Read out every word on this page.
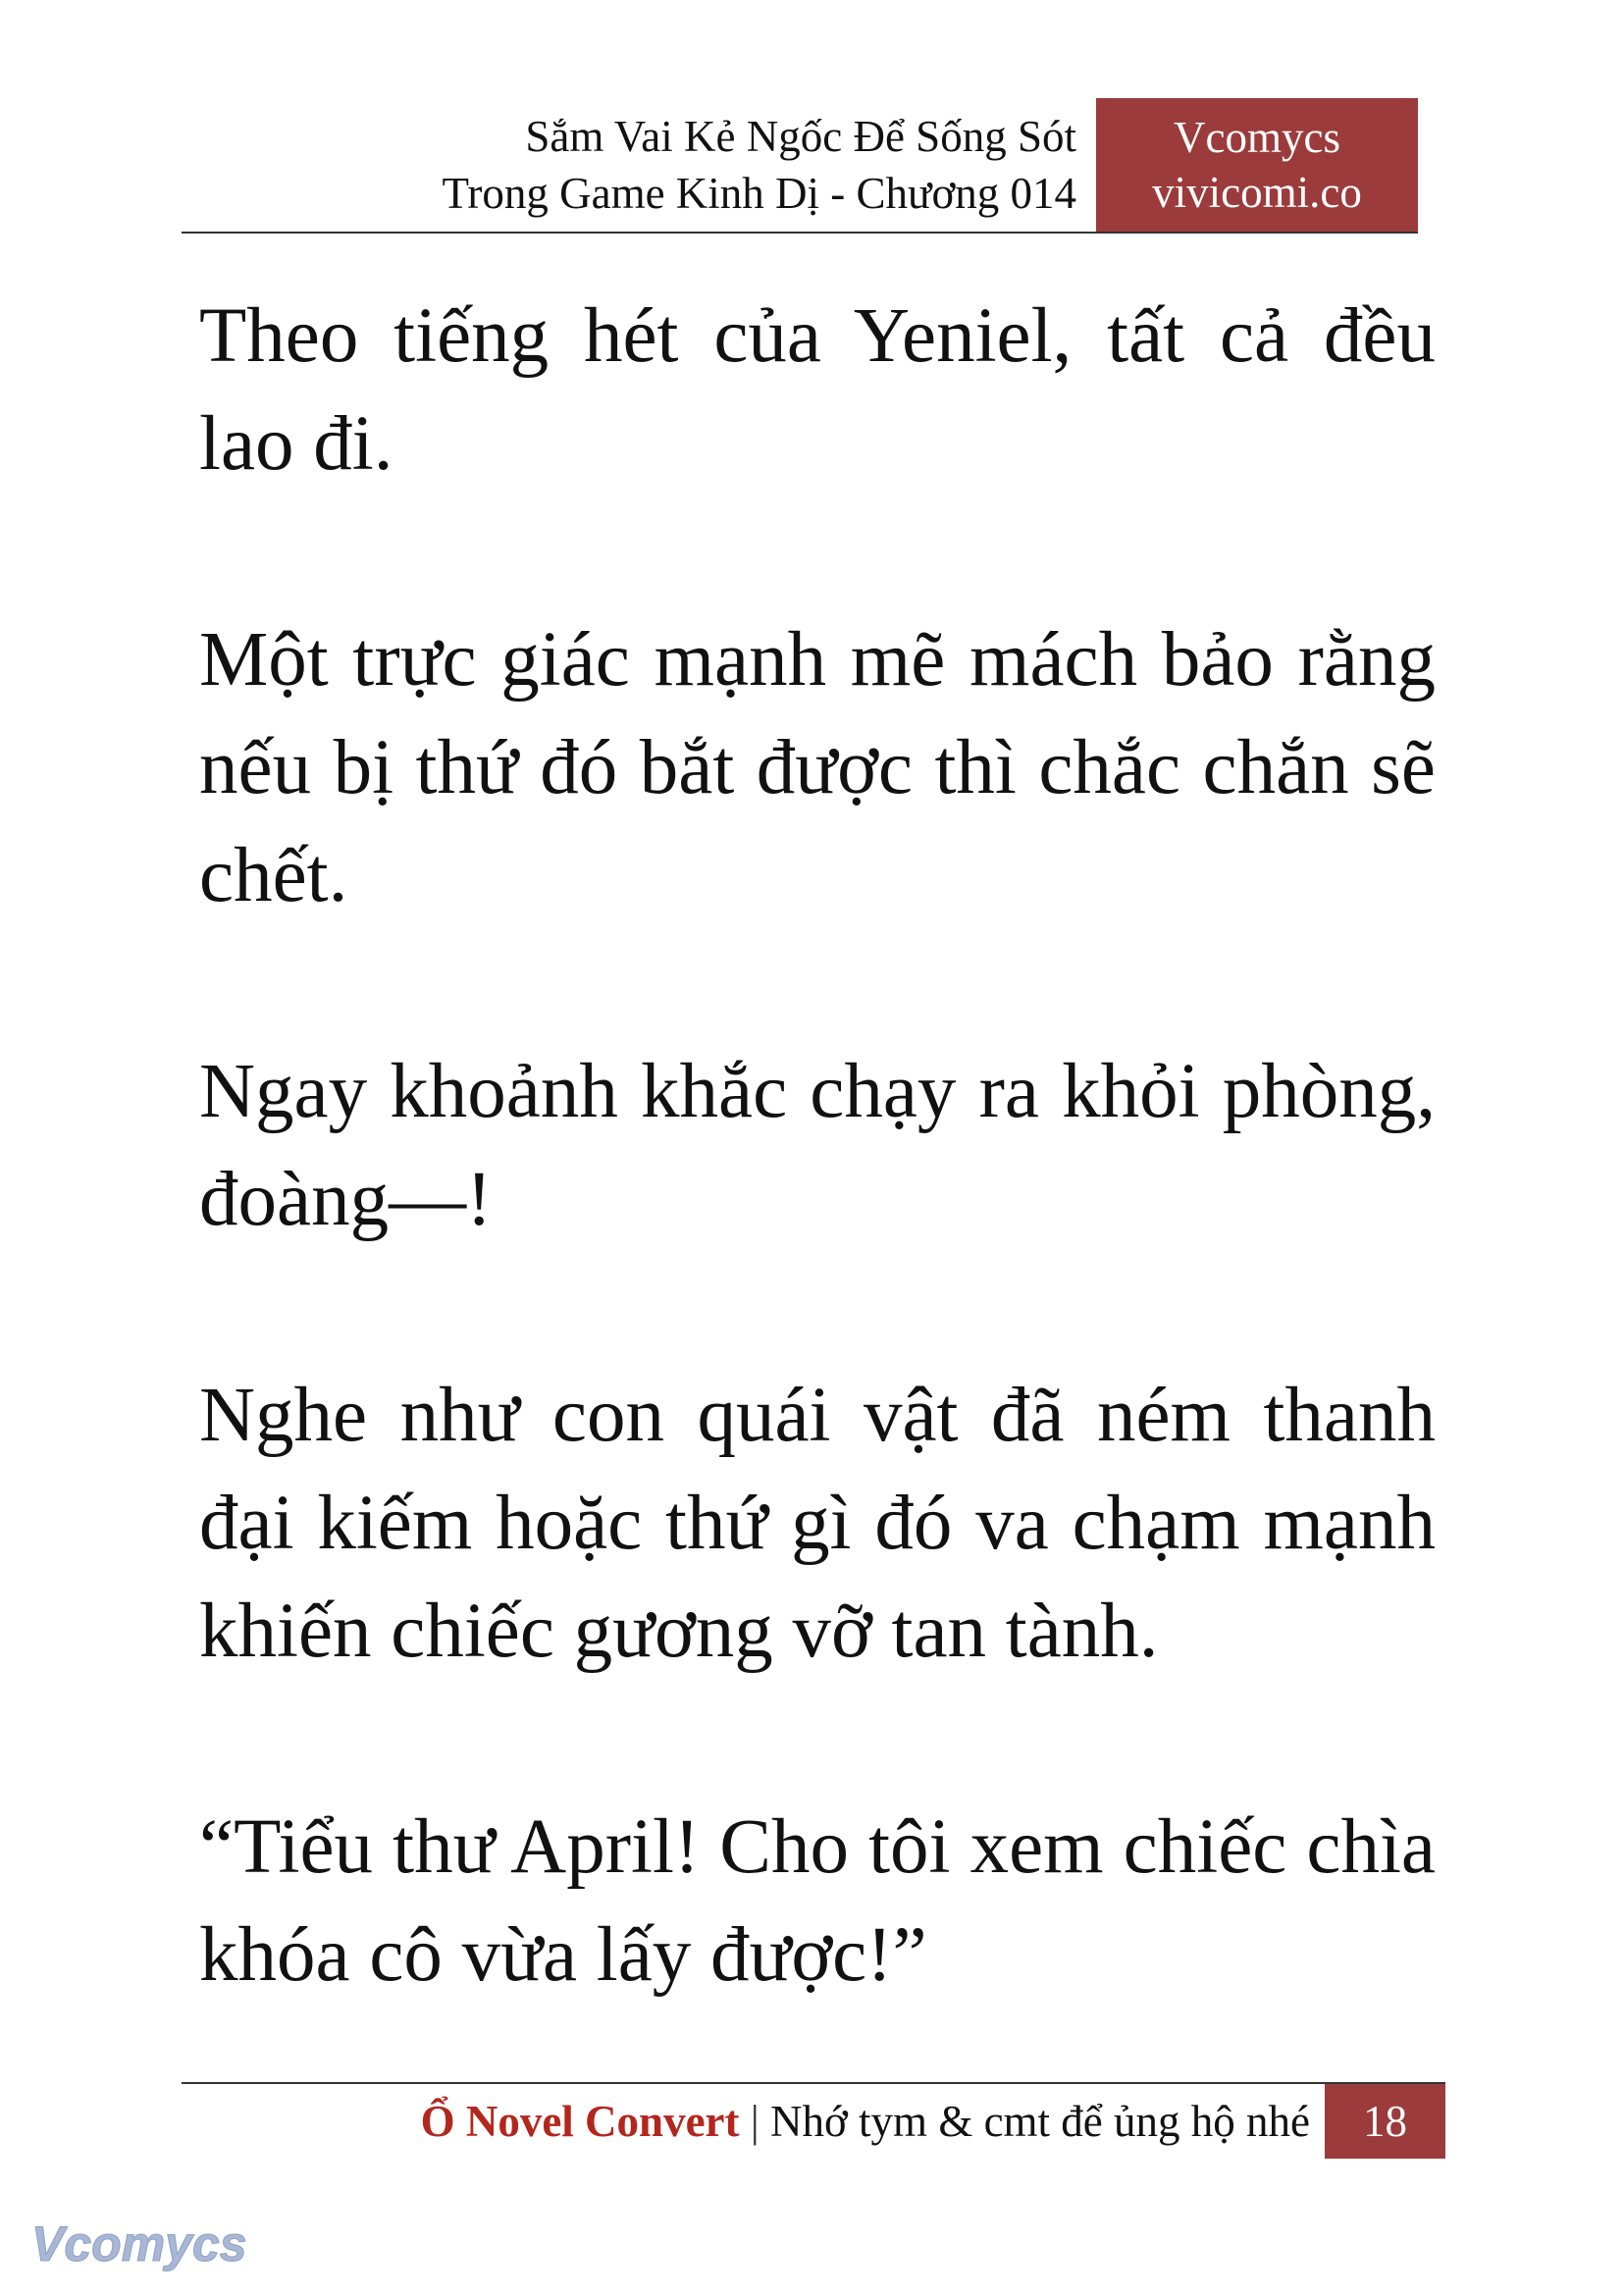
Sắm Vai Kẻ Ngốc Để Sống Sót
Trong Game Kinh Dị - Chương 014
Vcomycs
vivicomi.co

Theo tiếng hét của Yeniel, tất cả đều lao đi.

Một trực giác mạnh mẽ mách bảo rằng nếu bị thứ đó bắt được thì chắc chắn sẽ chết.

Ngay khoảnh khắc chạy ra khỏi phòng, đoàng—!

Nghe như con quái vật đã ném thanh đại kiếm hoặc thứ gì đó va chạm mạnh khiến chiếc gương vỡ tan tành.

“Tiểu thư April! Cho tôi xem chiếc chìa khóa cô vừa lấy được!”

Ổ Novel Convert | Nhớ tym & cmt để ủng hộ nhé	18
Vcomycs
